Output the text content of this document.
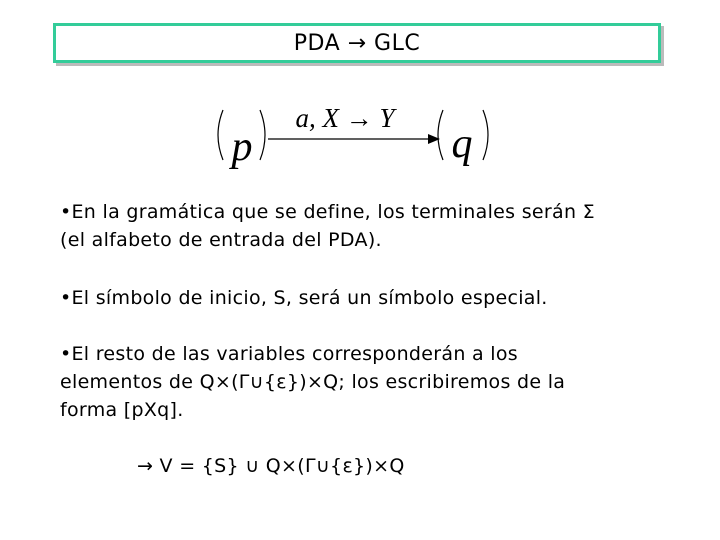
PDA → GLC
p	q
a, X → Y
•En la gramática que se define, los terminales serán Σ
(el alfabeto de entrada del PDA).
•El símbolo de inicio, S, será un símbolo especial.
•El resto de las variables corresponderán a los
elementos de Q×(Γ∪{ε})×Q; los escribiremos de la
forma [pXq].
→ V = {S} ∪ Q×(Γ∪{ε})×Q
